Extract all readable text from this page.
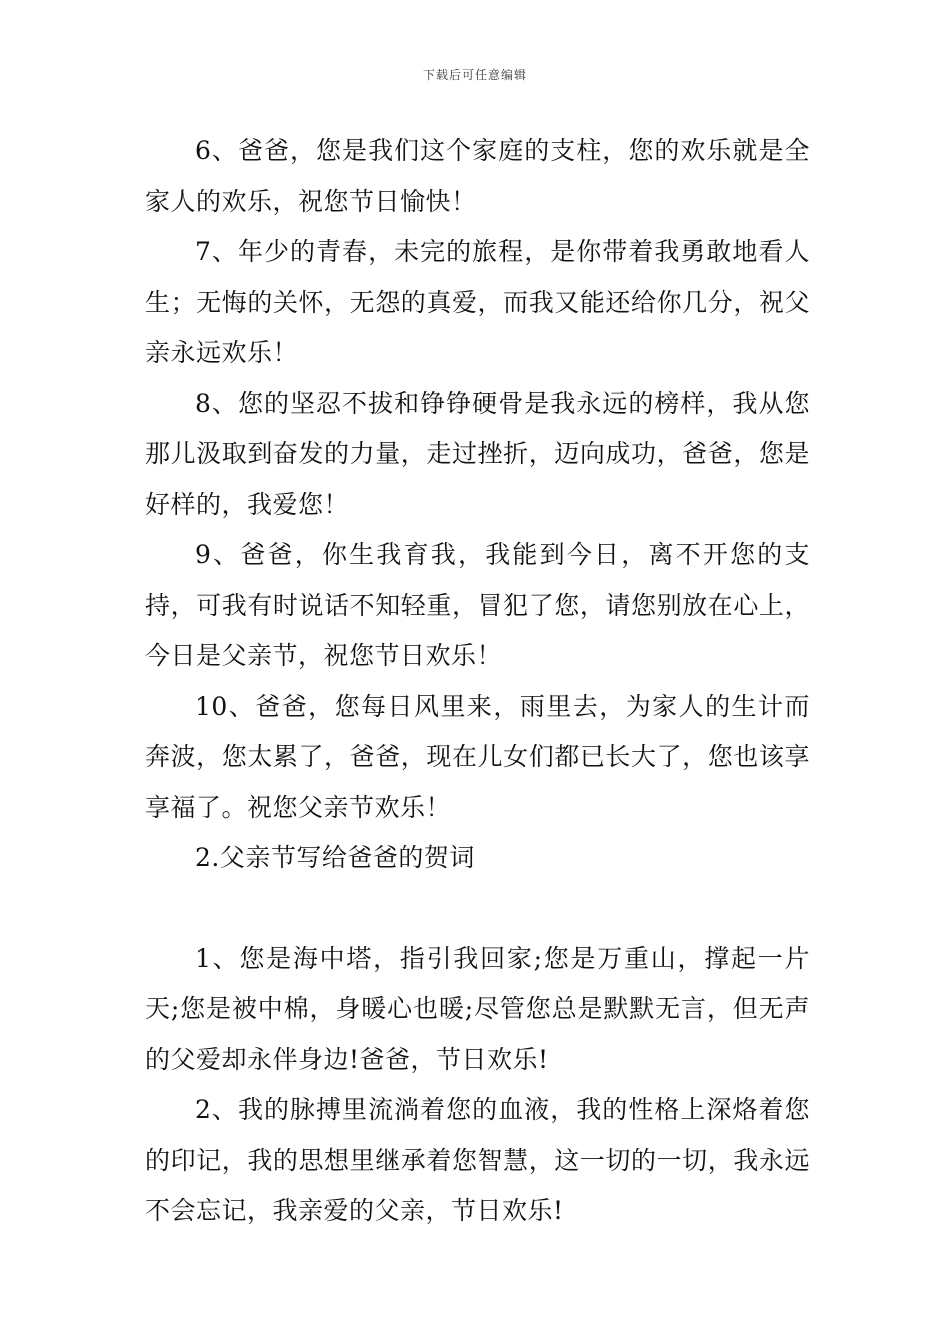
下载后可任意编辑

6、爸爸，您是我们这个家庭的支柱，您的欢乐就是全家人的欢乐，祝您节日愉快！

7、年少的青春，未完的旅程，是你带着我勇敢地看人生；无悔的关怀，无怨的真爱，而我又能还给你几分，祝父亲永远欢乐！

8、您的坚忍不拔和铮铮硬骨是我永远的榜样，我从您那儿汲取到奋发的力量，走过挫折，迈向成功，爸爸，您是好样的，我爱您！

9、爸爸，你生我育我，我能到今日，离不开您的支持，可我有时说话不知轻重，冒犯了您，请您别放在心上，今日是父亲节，祝您节日欢乐！

10、爸爸，您每日风里来，雨里去，为家人的生计而奔波，您太累了，爸爸，现在儿女们都已长大了，您也该享享福了。祝您父亲节欢乐！

2.父亲节写给爸爸的贺词

1、您是海中塔，指引我回家;您是万重山，撑起一片天;您是被中棉，身暖心也暖;尽管您总是默默无言，但无声的父爱却永伴身边!爸爸，节日欢乐!

2、我的脉搏里流淌着您的血液，我的性格上深烙着您的印记，我的思想里继承着您智慧，这一切的一切，我永远不会忘记，我亲爱的父亲，节日欢乐!
